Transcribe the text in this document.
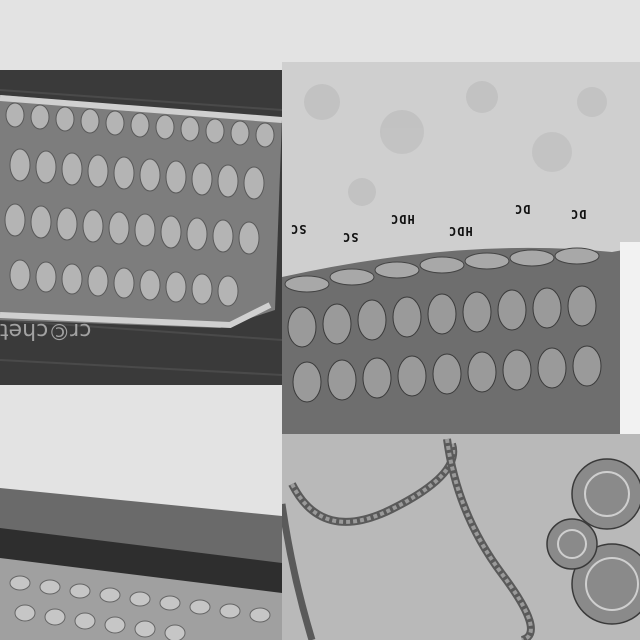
cr©chet
SC
SC
HDC
HDC
DC	DC
